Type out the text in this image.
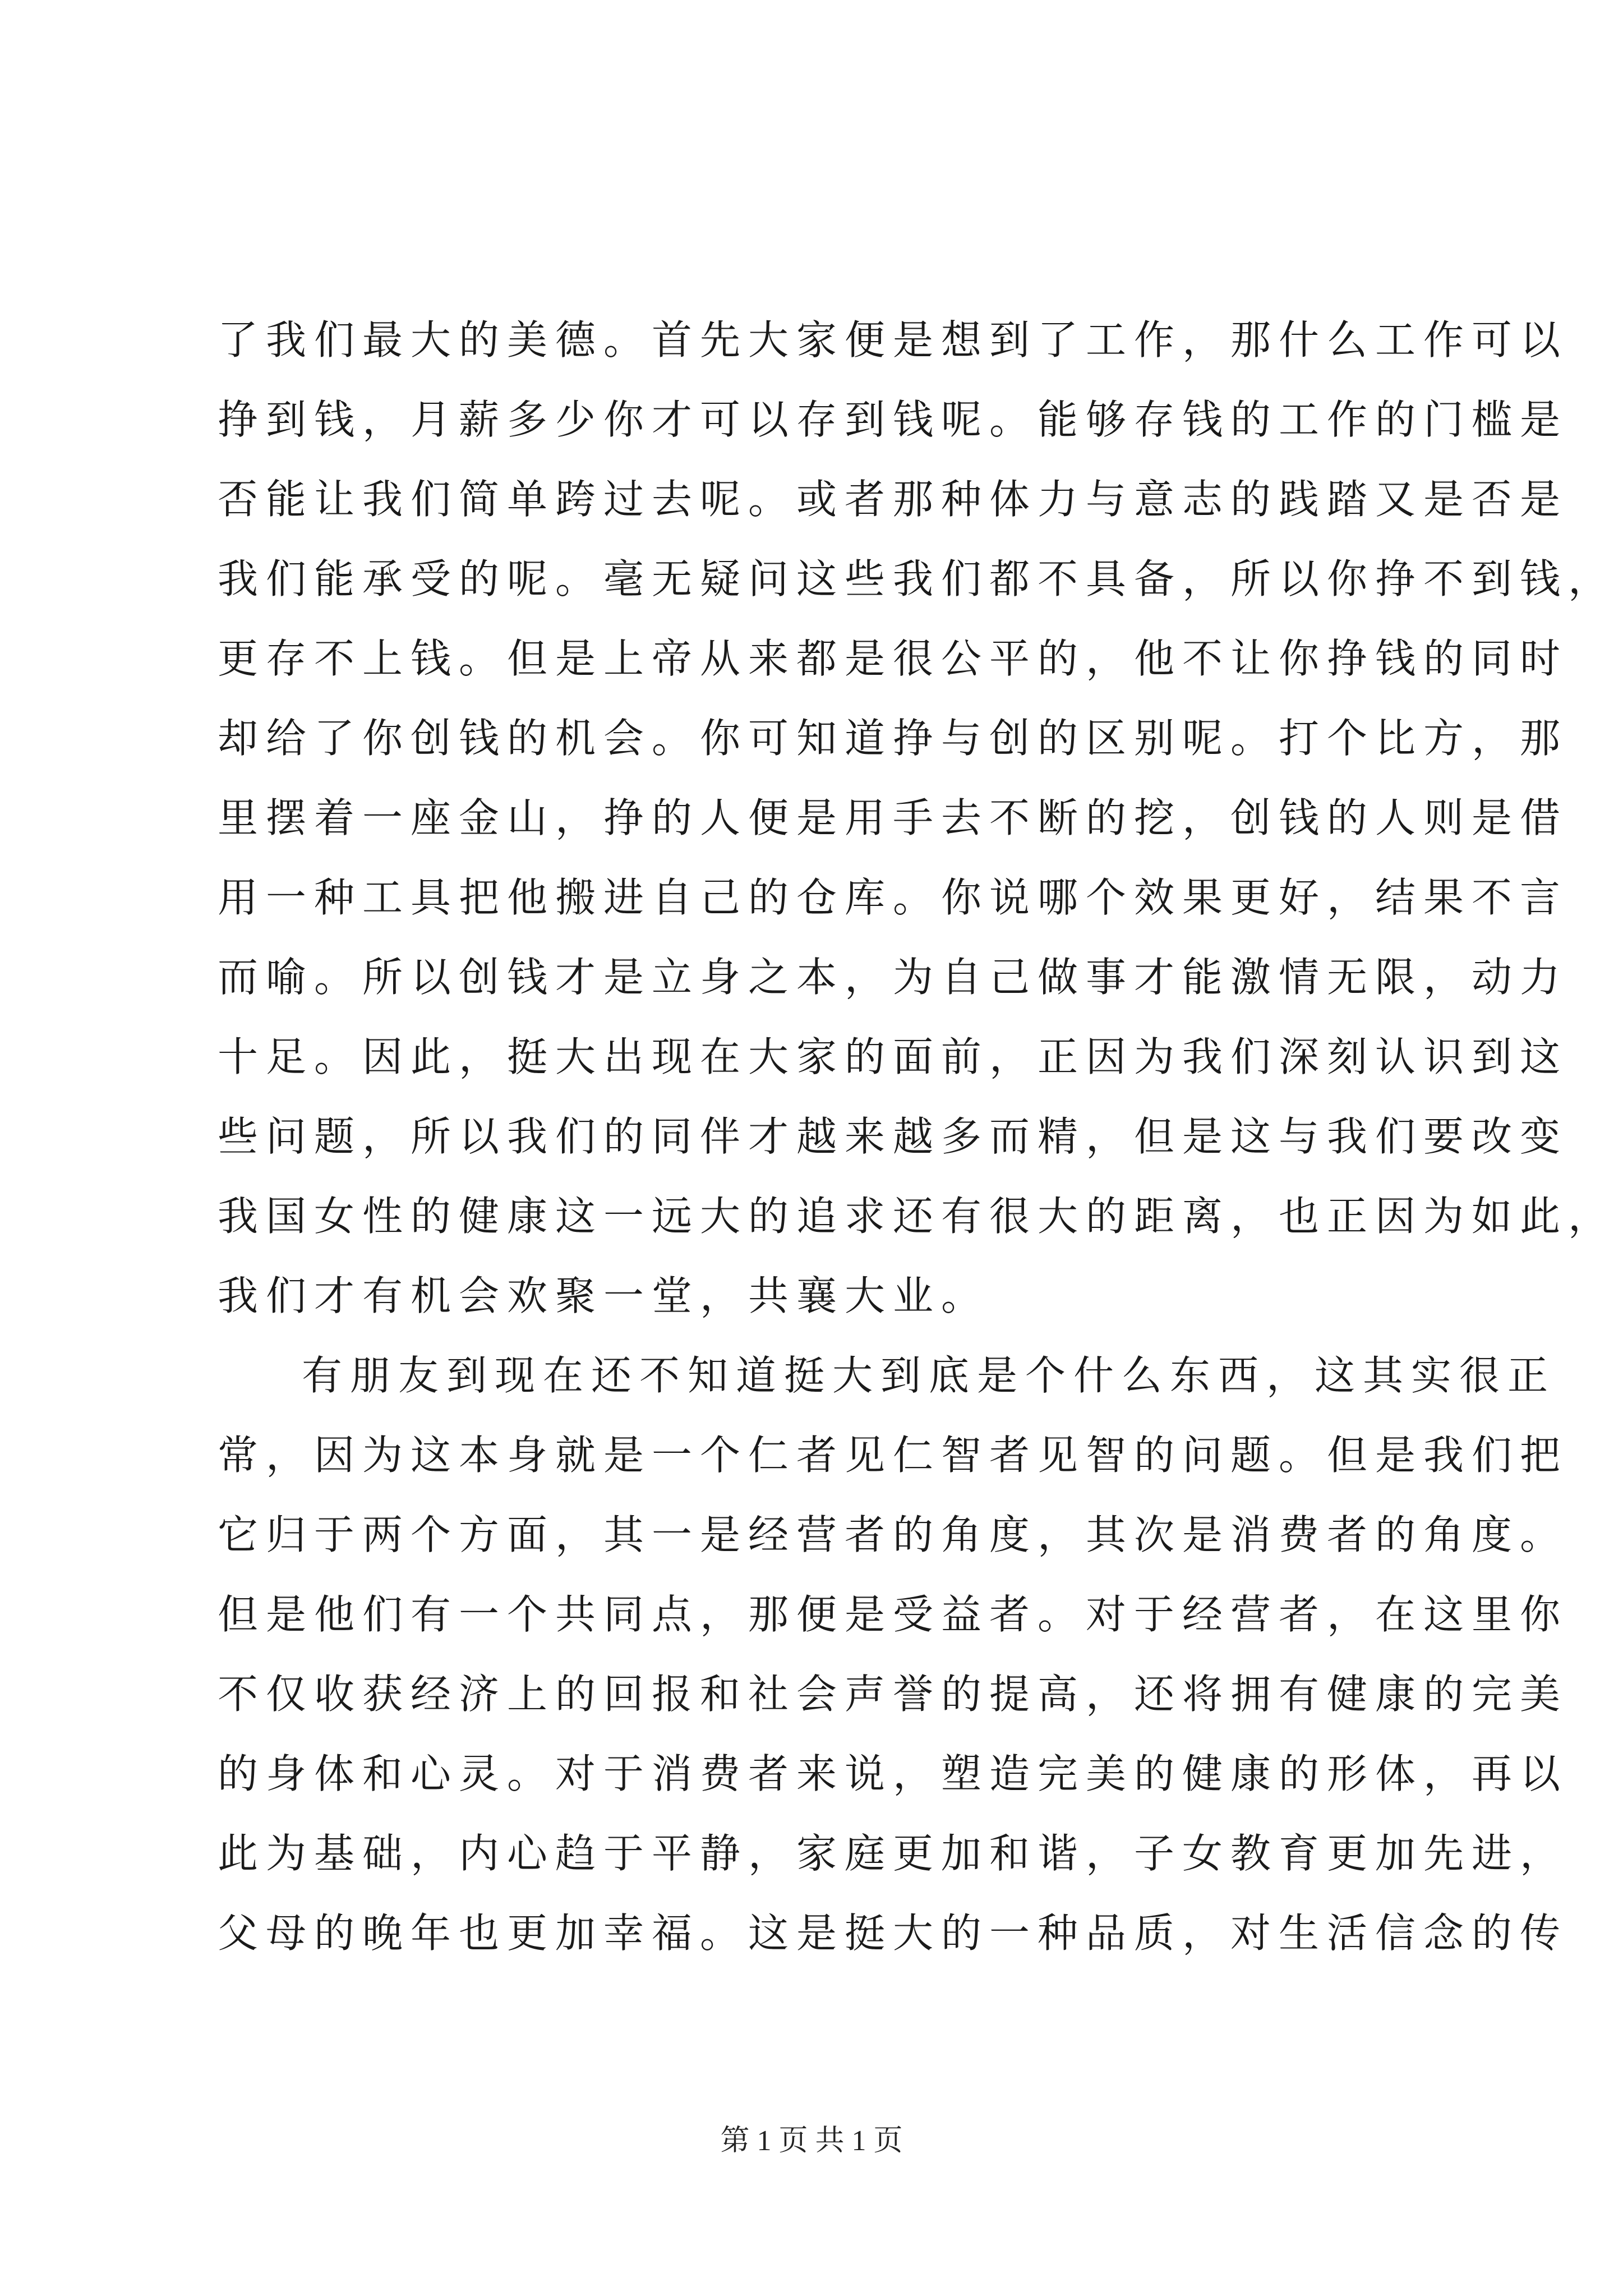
了我们最大的美德。首先大家便是想到了工作，那什么工作可以
挣到钱，月薪多少你才可以存到钱呢。能够存钱的工作的门槛是
否能让我们简单跨过去呢。或者那种体力与意志的践踏又是否是
我们能承受的呢。毫无疑问这些我们都不具备，所以你挣不到钱，
更存不上钱。但是上帝从来都是很公平的，他不让你挣钱的同时
却给了你创钱的机会。你可知道挣与创的区别呢。打个比方，那
里摆着一座金山，挣的人便是用手去不断的挖，创钱的人则是借
用一种工具把他搬进自己的仓库。你说哪个效果更好，结果不言
而喻。所以创钱才是立身之本，为自己做事才能激情无限，动力
十足。因此，挺大出现在大家的面前，正因为我们深刻认识到这
些问题，所以我们的同伴才越来越多而精，但是这与我们要改变
我国女性的健康这一远大的追求还有很大的距离，也正因为如此，
我们才有机会欢聚一堂，共襄大业。
有朋友到现在还不知道挺大到底是个什么东西，这其实很正
常，因为这本身就是一个仁者见仁智者见智的问题。但是我们把
它归于两个方面，其一是经营者的角度，其次是消费者的角度。
但是他们有一个共同点，那便是受益者。对于经营者，在这里你
不仅收获经济上的回报和社会声誉的提高，还将拥有健康的完美
的身体和心灵。对于消费者来说，塑造完美的健康的形体，再以
此为基础，内心趋于平静，家庭更加和谐，子女教育更加先进，
父母的晚年也更加幸福。这是挺大的一种品质，对生活信念的传
第 1 页 共 1 页
